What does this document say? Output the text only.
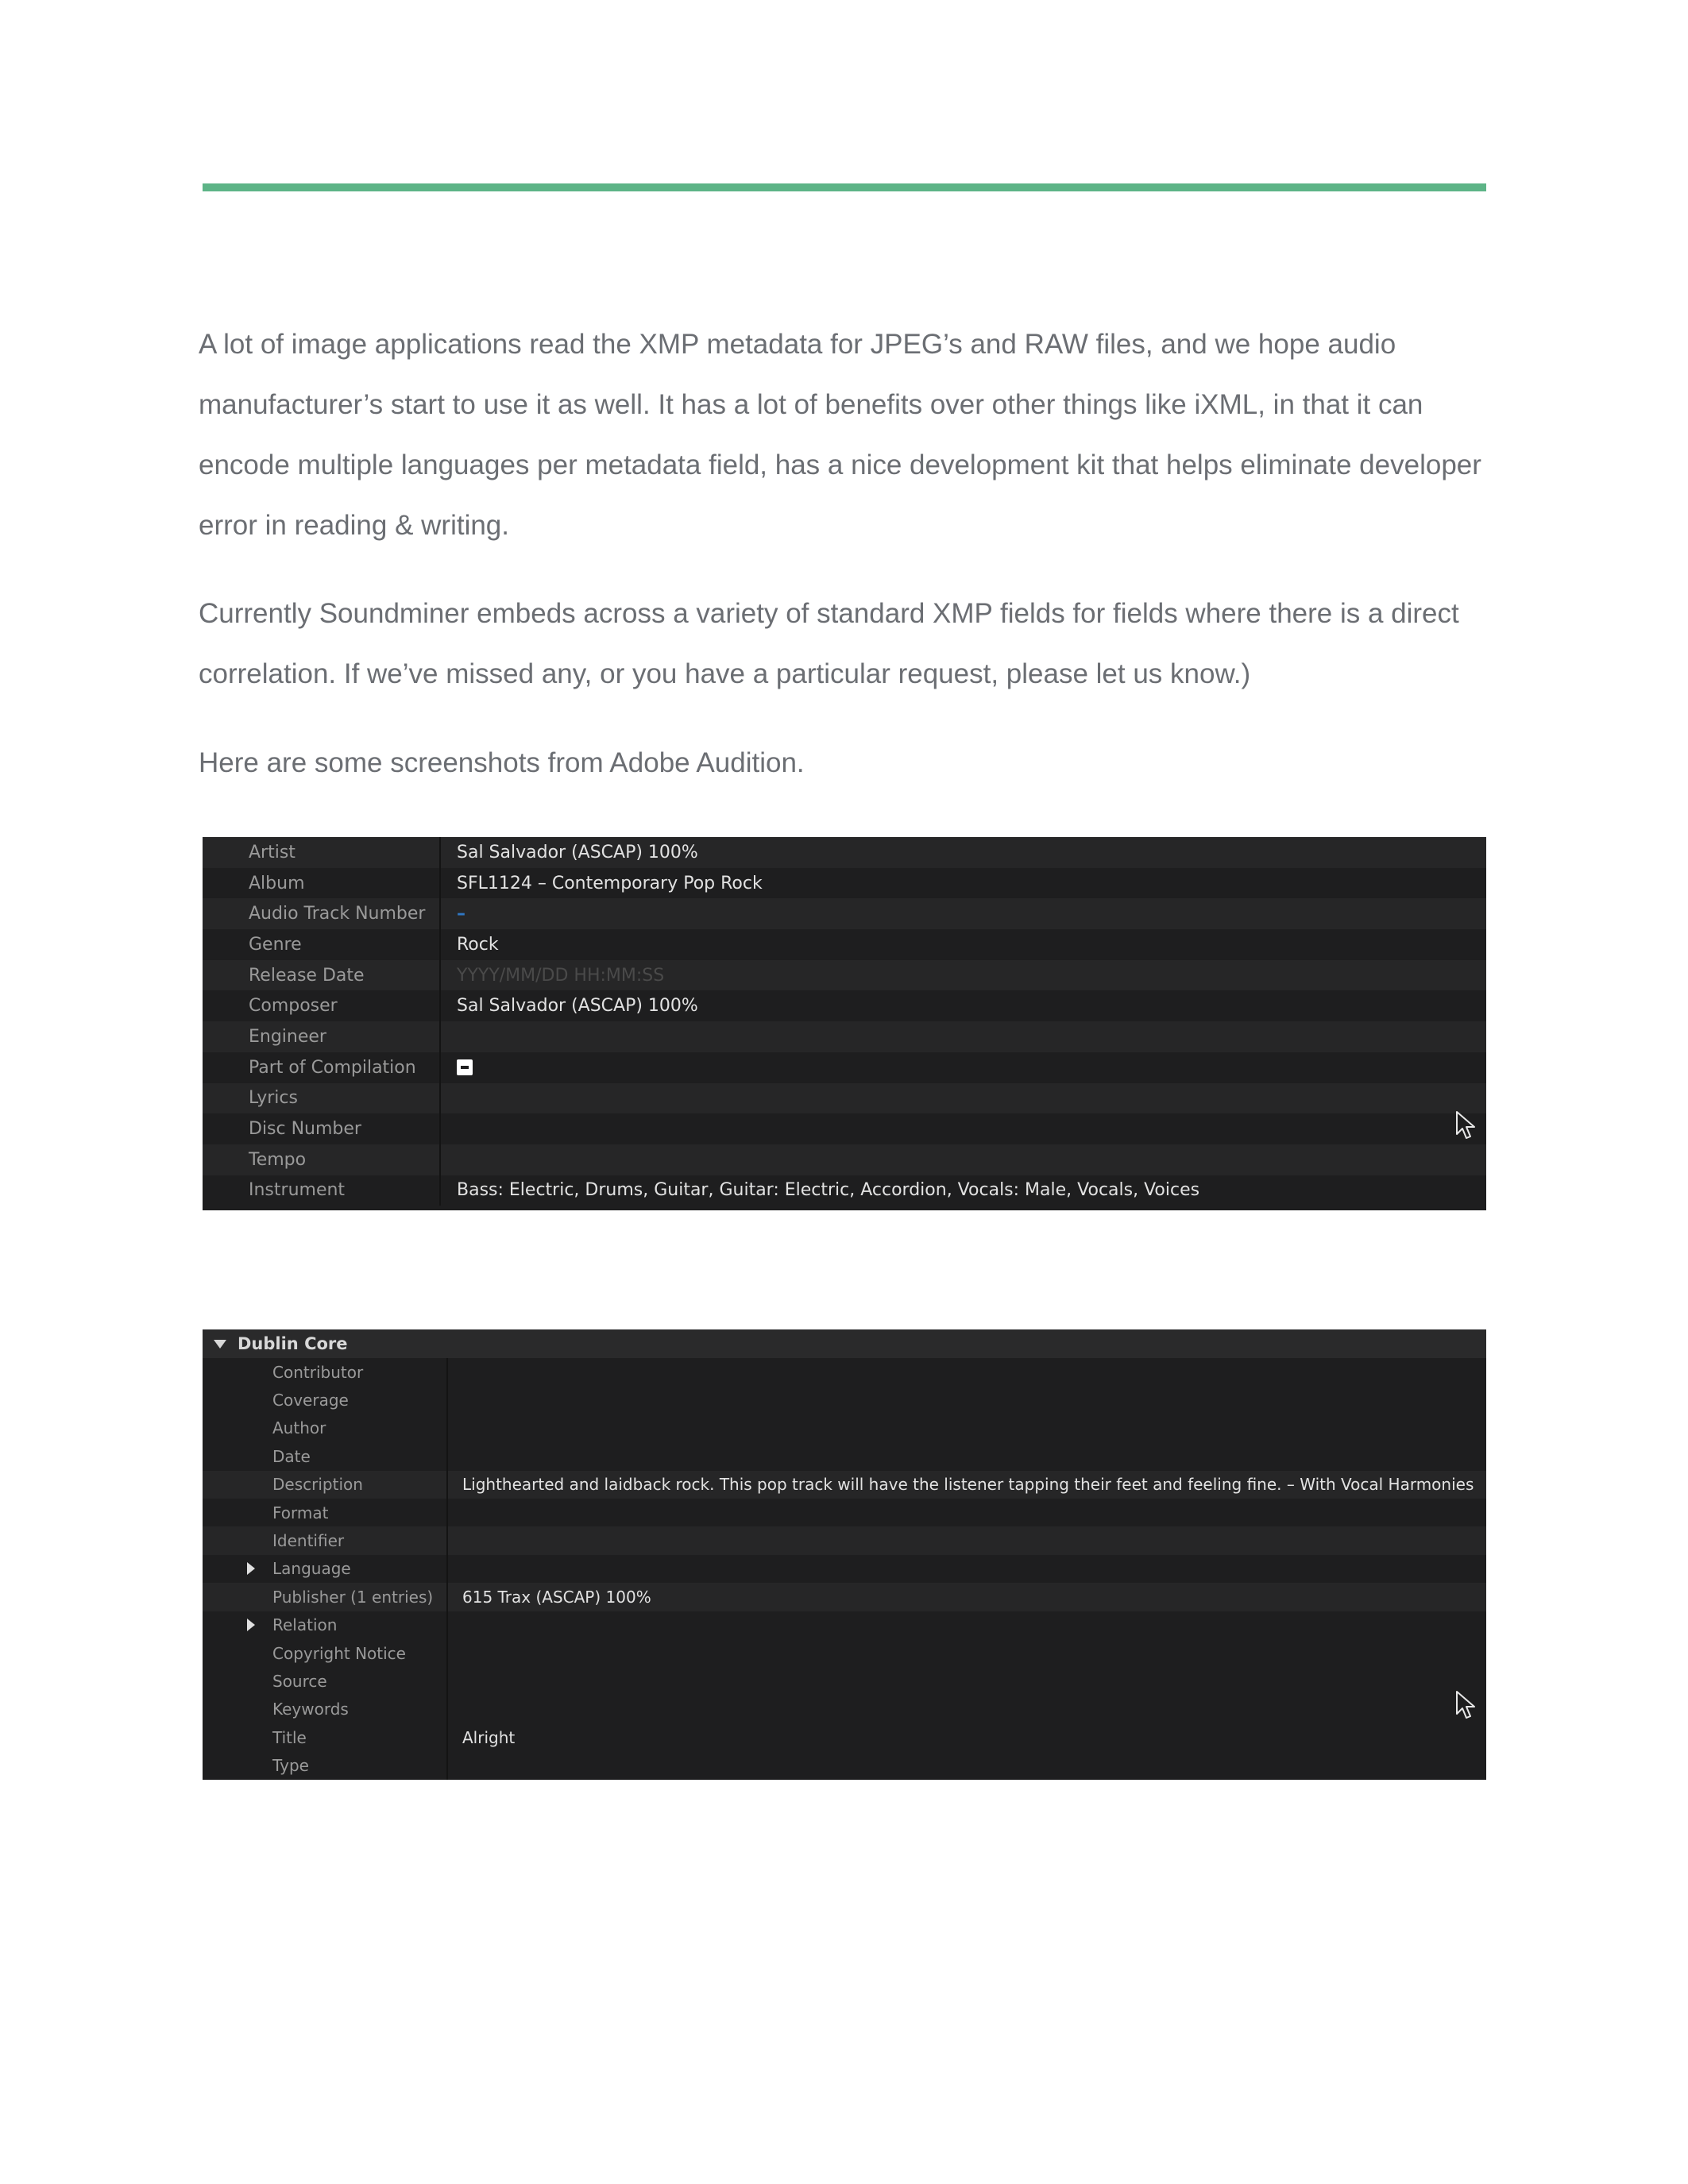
A lot of image applications read the XMP metadata for JPEG’s and RAW files, and we hope audio manufacturer’s start to use it as well. It has a lot of benefits over other things like iXML, in that it can encode multiple languages per metadata field, has a nice development kit that helps eliminate developer error in reading & writing.

Currently Soundminer embeds across a variety of standard XMP fields for fields where there is a direct correlation. If we’ve missed any, or you have a particular request, please let us know.)

Here are some screenshots from Adobe Audition.

Artist	Sal Salvador (ASCAP) 100%
Album	SFL1124 – Contemporary Pop Rock
Audio Track Number	–
Genre	Rock
Release Date	YYYY/MM/DD HH:MM:SS
Composer	Sal Salvador (ASCAP) 100%
Engineer
Part of Compilation
Lyrics
Disc Number
Tempo
Instrument	Bass: Electric, Drums, Guitar, Guitar: Electric, Accordion, Vocals: Male, Vocals, Voices
Dublin Core
Contributor
Coverage
Author
Date
Description	Lighthearted and laidback rock. This pop track will have the listener tapping their feet and feeling fine. – With Vocal Harmonies
Format
Identifier
Language
Publisher (1 entries)	615 Trax (ASCAP) 100%
Relation
Copyright Notice
Source
Keywords
Title	Alright
Type
